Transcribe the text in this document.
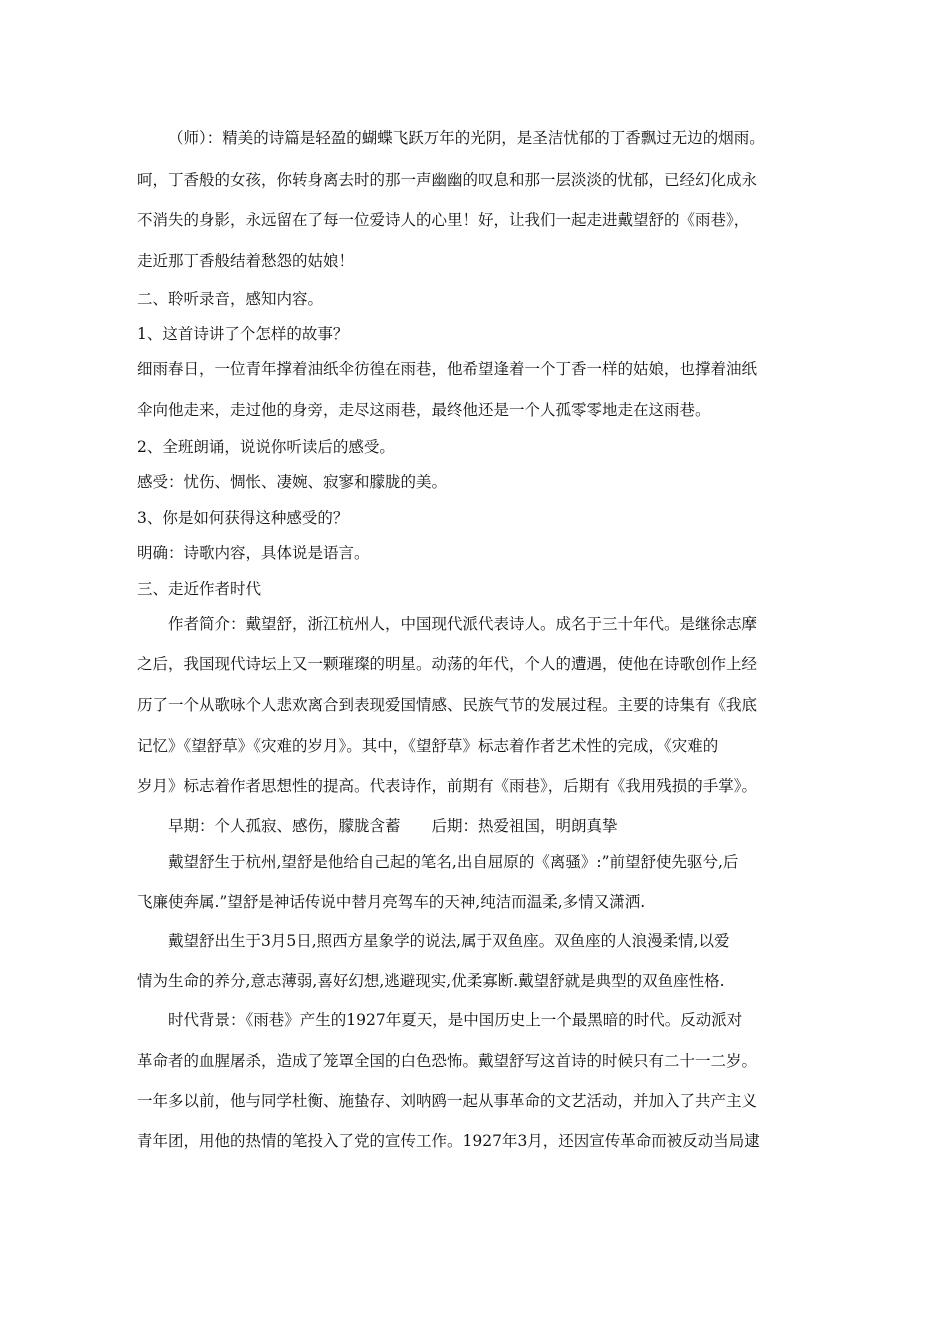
（师）：精美的诗篇是轻盈的蝴蝶飞跃万年的光阴，是圣洁忧郁的丁香飘过无边的烟雨。
呵，丁香般的女孩，你转身离去时的那一声幽幽的叹息和那一层淡淡的忧郁，已经幻化成永
不消失的身影，永远留在了每一位爱诗人的心里！好，让我们一起走进戴望舒的《雨巷》，
走近那丁香般结着愁怨的姑娘！
二、聆听录音，感知内容。
1、这首诗讲了个怎样的故事？
细雨春日，一位青年撑着油纸伞彷徨在雨巷，他希望逢着一个丁香一样的姑娘，也撑着油纸
伞向他走来，走过他的身旁，走尽这雨巷，最终他还是一个人孤零零地走在这雨巷。
2、全班朗诵，说说你听读后的感受。
感受：忧伤、惆怅、凄婉、寂寥和朦胧的美。
3、你是如何获得这种感受的？
明确：诗歌内容，具体说是语言。
三、走近作者时代
作者简介：戴望舒，浙江杭州人，中国现代派代表诗人。成名于三十年代。是继徐志摩
之后，我国现代诗坛上又一颗璀璨的明星。动荡的年代，个人的遭遇，使他在诗歌创作上经
历了一个从歌咏个人悲欢离合到表现爱国情感、民族气节的发展过程。主要的诗集有《我底
记忆》《望舒草》《灾难的岁月》。其中，《望舒草》标志着作者艺术性的完成，《灾难的
岁月》标志着作者思想性的提高。代表诗作，前期有《雨巷》，后期有《我用残损的手掌》。
早期：个人孤寂、感伤，朦胧含蓄　　后期：热爱祖国，明朗真挚
戴望舒生于杭州,望舒是他给自己起的笔名,出自屈原的《离骚》:”前望舒使先驱兮,后
飞廉使奔属.”望舒是神话传说中替月亮驾车的天神,纯洁而温柔,多情又潇洒.
戴望舒出生于3月5日,照西方星象学的说法,属于双鱼座。双鱼座的人浪漫柔情,以爱
情为生命的养分,意志薄弱,喜好幻想,逃避现实,优柔寡断.戴望舒就是典型的双鱼座性格.
时代背景：《雨巷》产生的1927年夏天，是中国历史上一个最黑暗的时代。反动派对
革命者的血腥屠杀，造成了笼罩全国的白色恐怖。戴望舒写这首诗的时候只有二十一二岁。
一年多以前，他与同学杜衡、施蛰存、刘呐鸥一起从事革命的文艺活动，并加入了共产主义
青年团，用他的热情的笔投入了党的宣传工作。1927年3月，还因宣传革命而被反动当局逮
